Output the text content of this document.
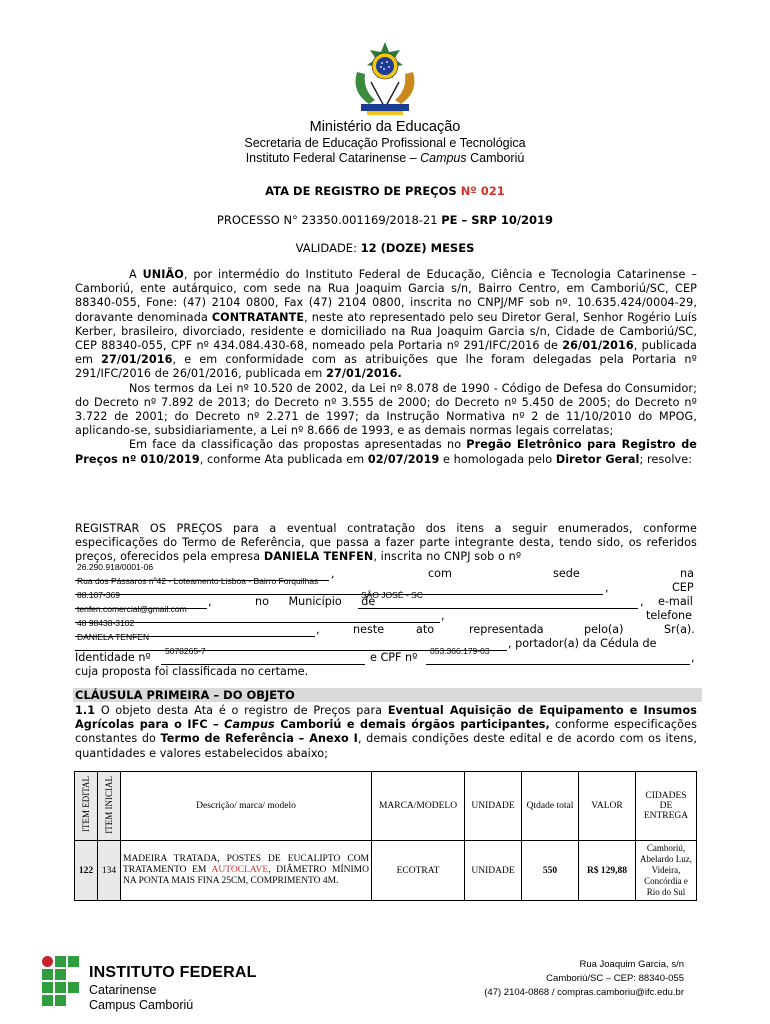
Ministério da Educação
Secretaria de Educação Profissional e Tecnológica
Instituto Federal Catarinense – Campus Camboriú
ATA DE REGISTRO DE PREÇOS Nº 021
PROCESSO N° 23350.001169/2018-21 PE – SRP 10/2019
VALIDADE: 12 (DOZE) MESES

A UNIÃO, por intermédio do Instituto Federal de Educação, Ciência e Tecnologia Catarinense – Camboriú, ente autárquico, com sede na Rua Joaquim Garcia s/n, Bairro Centro, em Camboriú/SC, CEP 88340-055, Fone: (47) 2104 0800, Fax (47) 2104 0800, inscrita no CNPJ/MF sob nº. 10.635.424/0004-29, doravante denominada CONTRATANTE, neste ato representado pelo seu Diretor Geral, Senhor Rogério Luís Kerber, brasileiro, divorciado, residente e domiciliado na Rua Joaquim Garcia s/n, Cidade de Camboriú/SC, CEP 88340-055, CPF nº 434.084.430-68, nomeado pela Portaria nº 291/IFC/2016 de 26/01/2016, publicada em 27/01/2016, e em conformidade com as atribuições que lhe foram delegadas pela Portaria nº 291/IFC/2016 de 26/01/2016, publicada em 27/01/2016.

Nos termos da Lei nº 10.520 de 2002, da Lei nº 8.078 de 1990 - Código de Defesa do Consumidor; do Decreto nº 7.892 de 2013; do Decreto nº 3.555 de 2000; do Decreto nº 5.450 de 2005; do Decreto nº 3.722 de 2001; do Decreto nº 2.271 de 1997; da Instrução Normativa nº 2 de 11/10/2010 do MPOG, aplicando-se, subsidiariamente, a Lei nº 8.666 de 1993, e as demais normas legais correlatas;

Em face da classificação das propostas apresentadas no Pregão Eletrônico para Registro de Preços nº 010/2019, conforme Ata publicada em 02/07/2019 e homologada pelo Diretor Geral; resolve:

REGISTRAR OS PREÇOS para a eventual contratação dos itens a seguir enumerados, conforme especificações do Termo de Referência, que passa a fazer parte integrante desta, tendo sido, os referidos preços, oferecidos pela empresa DANIELA TENFEN, inscrita no CNPJ sob o nº
26.290.918/0001-06	,	com	sede	na
Rua dos Pássaros nº42 - Loteamento Lisboa - Bairro Forquilhas	,	CEP
88.107-369	,	no Município de
SÃO JOSÉ - SC	, e-mail
tenfen.comercial@gmail.com	,	telefone
48 98438-3102	,	neste	ato	representada	pelo(a)	Sr(a).
DANIELA TENFEN	, portador(a) da Cédula de
Identidade nº 5078265-7	e CPF nº 053.366.179-03	,
cuja proposta foi classificada no certame.
CLÁUSULA PRIMEIRA – DO OBJETO
1.1 O objeto desta Ata é o registro de Preços para Eventual Aquisição de Equipamento e Insumos Agrícolas para o IFC – Campus Camboriú e demais órgãos participantes, conforme especificações constantes do Termo de Referência – Anexo I, demais condições deste edital e de acordo com os itens, quantidades e valores estabelecidos abaixo;
ITEM EDITAL	ITEM INICIAL	Descrição/ marca/ modelo	MARCA/MODELO	UNIDADE	Qtdade total	VALOR	CIDADES DE ENTREGA
122	134	MADEIRA TRATADA, POSTES DE EUCALIPTO COM TRATAMENTO EM AUTOCLAVE, DIÂMETRO MÍNIMO NA PONTA MAIS FINA 25CM, COMPRIMENTO 4M.	ECOTRAT	UNIDADE	550	R$ 129,88	Camboriú, Abelardo Luz, Videira, Concórdia e Rio do Sul
INSTITUTO FEDERAL
Catarinense
Campus Camboriú
Rua Joaquim Garcia, s/n
Camboriú/SC – CEP: 88340-055
(47) 2104-0868 / compras.camboriu@ifc.edu.br
